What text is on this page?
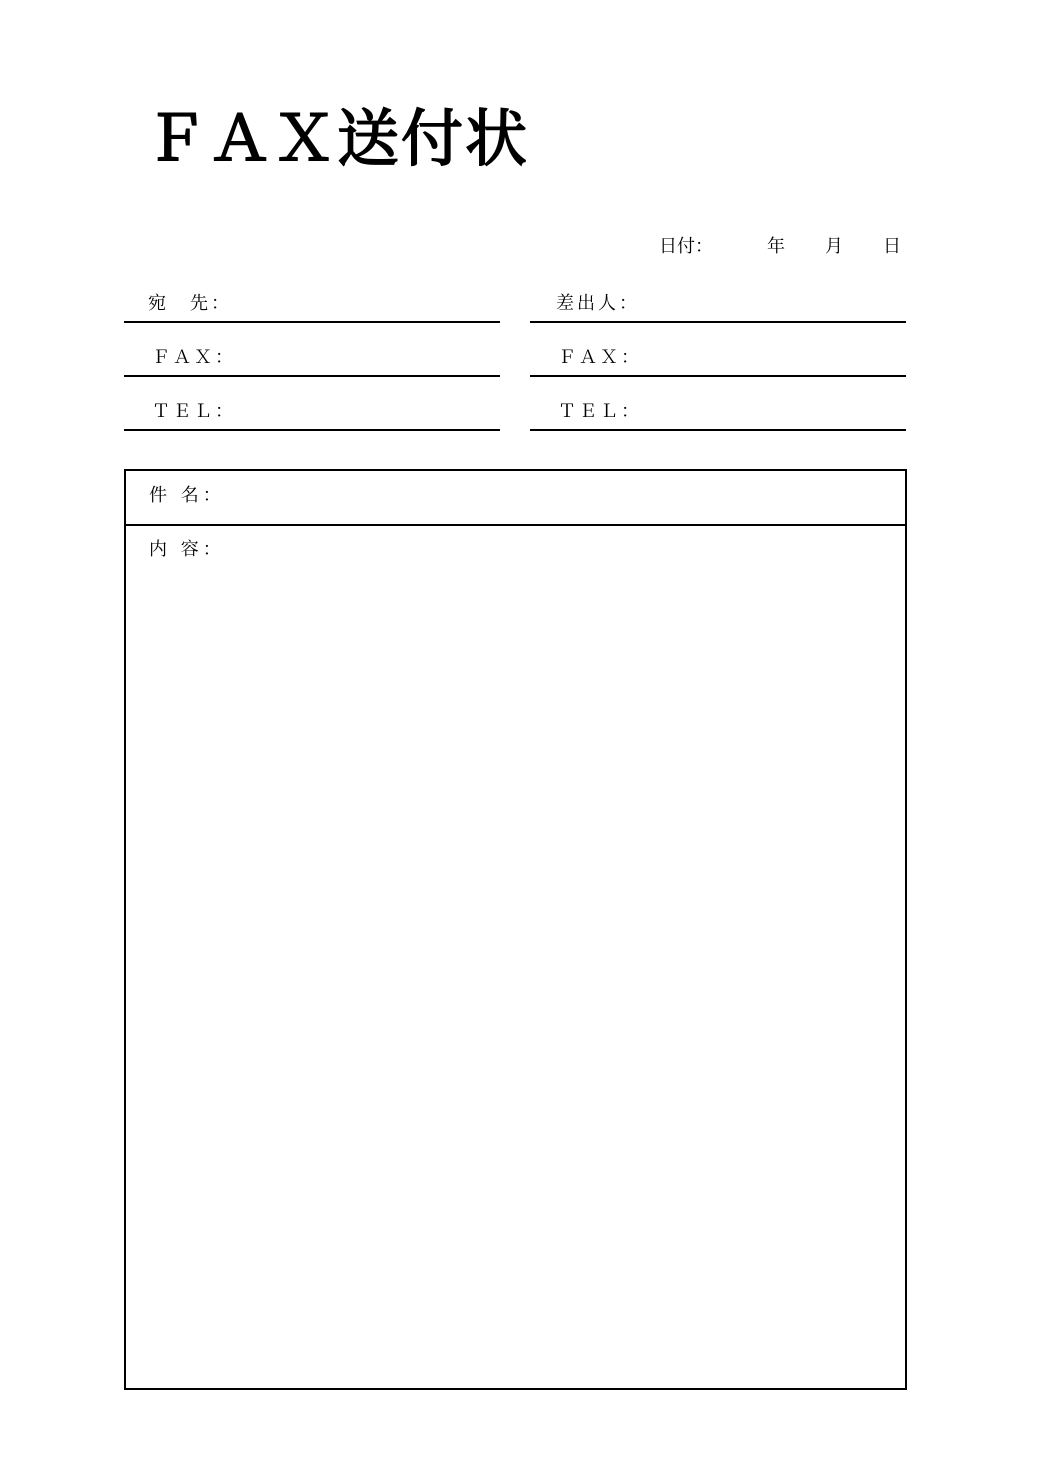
ＦＡＸ送付状
日付：	年 月 日
宛　先：
ＦＡＸ：
ＴＥＬ：
差出人：
ＦＡＸ：
ＴＥＬ：
件 名：
内 容：
